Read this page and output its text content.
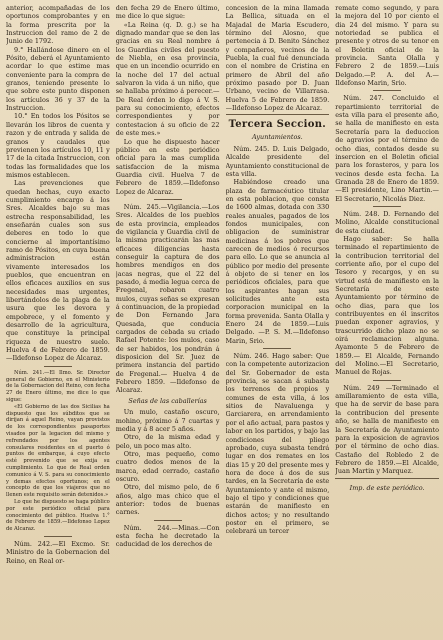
anterior, acompañadas de los oportunos comprobantes y en la forma prescrita por la Instruccion del ramo de 2 de Junio de 1792.

9.° Hallándose dinero en el Pósito, deberá el Ayuntamiento acordar lo que estime mas conveniente para la compra de granos, teniendo presente lo que sobre este punto disponen los artículos 36 y 37 de la Instruccion.

10.° En todos los Pósitos se llevarán los libros de cuenta y razon y de entrada y salida de granos y caudales que previenen los artículos 10, 11 y 17 de la citada Instruccion, con todas las formalidades que los mismos establecen.

Las prevenciones que quedan hechas, cuyo exacto cumplimiento encargo á los Sres. Alcaldes bajo su mas estrecha responsabilidad, les enseñarán cuales son sus deberes en todo lo que concierne al importantísimo ramo de Pósitos, en cuya buena administracion están vivamente interesados los pueblos, que encuentran en ellos eficaces auxilios en sus necesidades mas urgentes, libertándolos de la plaga de la usura que les devora y empobrece, y el fomento y desarrollo de la agricultura, que constituye la principal riqueza de nuestro suelo. Huelva 4 de Febrero de 1859. —Ildefonso Lopez de Alcaraz.

Núm. 241.—El Ilmo. Sr. Director general de Gobierno, en el Ministerio de la Gobernacion del Reino, con fecha 27 de Enero último, me dice lo que sigue:

«El Gobierno de las dos Sicilias ha dispuesto que los súbditos que se dirijan á aquel Reino, vayan provistos de los correspondientes pasaportes visados por la legacion del mismo y refrendados por los agentes consulares residentes en el puerto ó puntos de embarque, á cuyo efecto esté prevenido que se exija su cumplimiento. Lo que de Real orden comunico á V. S. para su conocimiento y demas efectos oportunos; en el concepto de que los viajeros que no llenen este requisito serán detenidos.»

Lo que he dispuesto se haga público por este periódico oficial para conocimiento del público. Huelva 1.° de Febrero de 1859.—Ildefonso Lopez de Alcaraz.

Núm. 242.—El Excmo. Sr. Ministro de la Gobernacion del Reino, en Real or-

den fecha 29 de Enero último, me dice lo que sigue:

«La Reina (q. D. g.) se ha dignado mandar que se den las gracias en su Real nombre á los Guardias civiles del puesto de Niebla, en esa provincia, que en un incendio ocurrido en la noche del 17 del actual salvaron la vida á un niño, que se hallaba próximo á perecer.—De Real órden lo digo á V. S. para su conocimiento, efectos correspondientes y por contestacion á su oficio de 22 de este mes.»

Lo que he dispuesto hacer público en este periódico oficial para la mas cumplida satisfaccion de la misma Guardia civil. Huelva 7 de Febrero de 1859.—Ildefonso Lopez de Alcaraz.

Núm. 245.—Vigilancia.—Los Sres. Alcaldes de los pueblos de esta provincia, empleados de vigilancia y Guardia civil de la misma practicarán las mas eficaces diligencias hasta conseguir la captura de dos hombres mendigos en dos jacas negras, que el 22 del pasado, á media legua cerca de Fregenal, robaron cuatro mulos, cuyas señas se expresan á continuacion, de la propiedad de Don Fernando Jara Quesada, que conducia cargados de cebada su criado Rafael Potente: los mulos, caso de ser habidos, los pondrán á disposicion del Sr. Juez de primera instancia del partido de Fregenal.— Huelva 4 de Febrero 1859. —Ildefonso de Alcaraz.

Señas de las caballerías

Un mulo, castaño oscuro, mohino, próximo á 7 cuartas y media y á 8 acer 5 años.

Otro, de la misma edad y pelo, un poco mas alto.

Otro, mas pequeño, como cuatro dedos menos de la marca, edad cerrado, castaño oscuro.

Otro, del mismo pelo, de 6 años, algo mas chico que el anterior: todos de buenas carnes.

Núm. 244.—Minas.—Con esta fecha he decretado la caducidad de los derechos de

concesion de la mina llamada La Bellica, situada en el Majadal de Maria Escudero, término del Alosno, que pertenecia á D. Benito Sánchez y compañeros, vecinos de la Puebla, la cual fué denunciada con el nombre de Cristina en primero de Abril del año próximo pasado por D. Juan Urbano, vecino de Villarrasa. Huelva 5 de Febrero de 1859. —Ildefonso Lopez de Alcaraz.

Tercera Seccion.
Ayuntamientos.

Núm. 245. D. Luis Delgado, Alcalde presidente del Ayuntamiento constitucional de esta villa.

Habiéndose creado una plaza de farmacéutico titular en esta poblacion, que consta de 1600 almas, dotada con 330 reales anuales, pagados de los fondos municipales, con obligacion de suministrar medicinas á los pobres que carecen de medios ó recursos para ello. Lo que se anuncia al público por medio del presente á objeto de si tener en los periódicos oficiales, para que los aspirantes hagan sus solicitudes ante esta corporacion municipal en la forma prevenida. Santa Olalla y Enero 24 de 1859.—Luis Delgado. —P. S. M.—Ildefonso Marin, Srio.

Núm. 246. Hago saber: Que con la competente autorizacion del Sr. Gobernador de esta provincia, se sacan á subasta los terrenos de propios y comunes de esta villa, á los sitios de Navaluenga y Garciarera, en arrendamiento por el año actual, para pastos y labor en los partidos, y bajo las condiciones del pliego aprobado, cuya subasta tendrá lugar en dos remates en los dias 15 y 20 del presente mes y hora de doce á dos de sus tardes, en la Secretaría de este Ayuntamiento y ante el mismo, bajo el tipo y condiciones que estarán de manifiesto en dichos actos; y no resultando postor en el primero, se celebrará un tercer

remate como segundo, y para la mejora del 10 por ciento el dia 24 del mismo. Y para su notoriedad se publica el presente y otros de su tenor en el Boletin oficial de la provincia. Santa Olalla y Febrero 2 de 1859.—Luis Delgado.—P. A. del A.—Ildefonso Marin, Srio.

Núm. 247. Concluido el repartimiento territorial de esta villa para el presente año, se halla de manifiesto en esta Secretaría para la deduccion de agravios por el término de ocho dias, contados desde su insercion en el Boletin oficial para los forasteros, y para los vecinos desde esta fecha. La Granada 28 de Enero de 1859. —El presidente, Lino Martin.—El Secretario, Nicolás Diez.

Núm. 248. D. Fernando del Molino, Alcalde constitucional de esta ciudad.

Hago saber: Se halla terminado el repartimiento de la contribucion territorial del corriente año, por el cupo del Tesoro y recargos, y en su virtud está de manifiesto en la Secretaría de este Ayuntamiento por término de ocho dias, para que los contribuyentes en él inscritos puedan exponer agravios, y trascurrido dicho plazo no se oirá reclamacion alguna. Ayamonte 5 de Febrero de 1859.— El Alcalde, Fernando del Molino.—El Secretario, Manuel de Rojas.

Núm. 249 —Terminado el amillaramiento de esta villa, que ha de servir de base para la contribucion del presente año, se halla de manifiesto en la Secretaría de Ayuntamiento para la exposicion de agravios por el término de ocho dias. Castaño del Robledo 2 de Febrero de 1859.—El Alcalde, Juan Martin y Marquez.

Imp. de este periódico.
